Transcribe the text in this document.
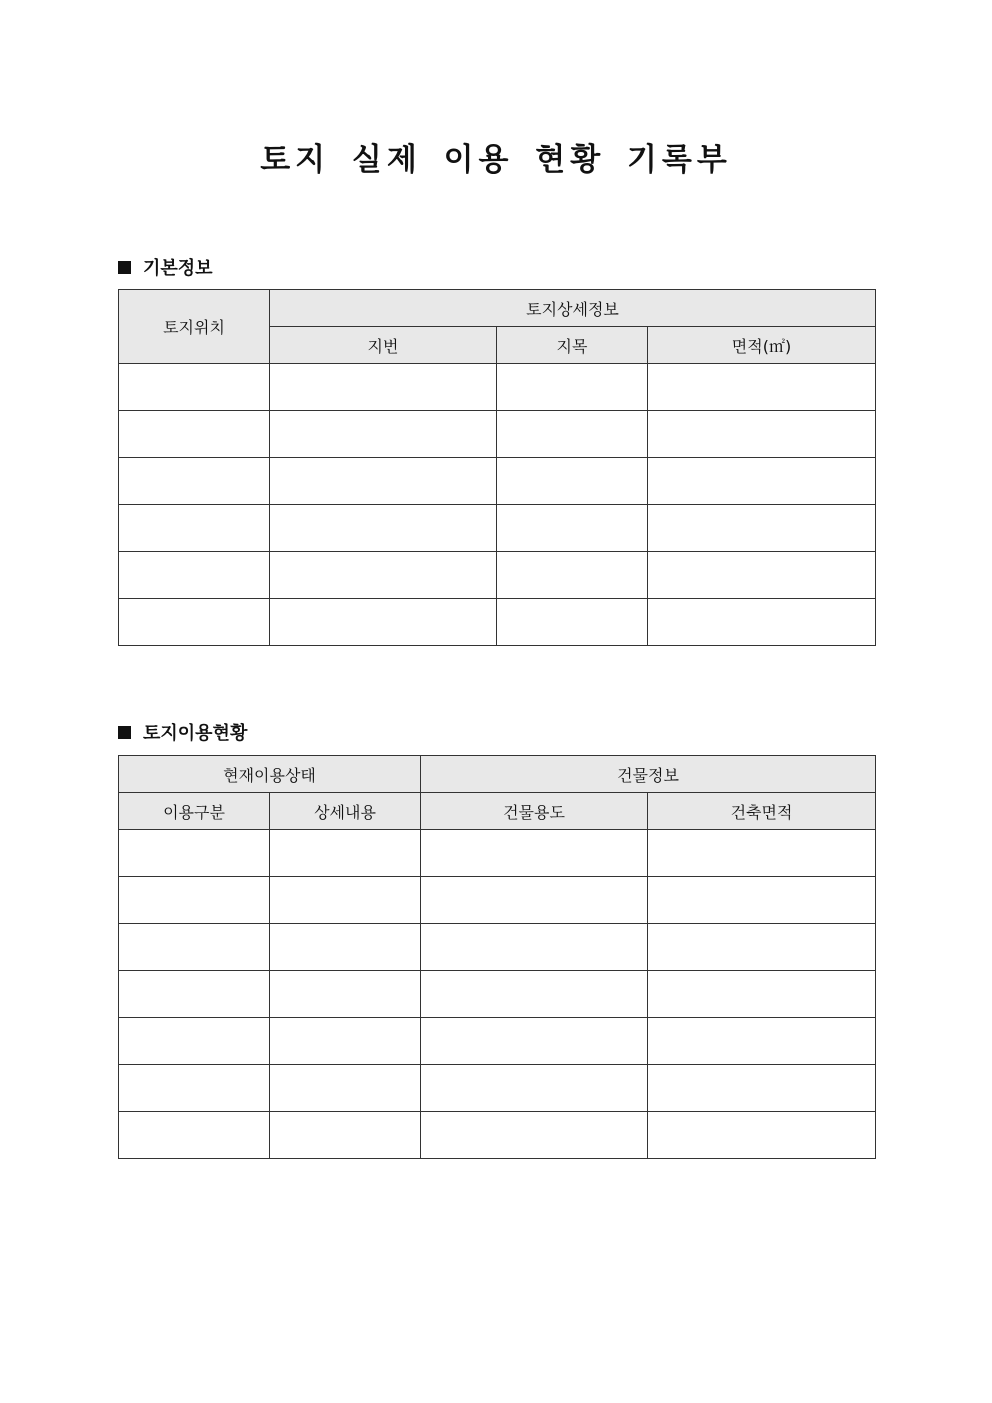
토지 실제 이용 현황 기록부
기본정보
토지위치	토지상세정보		
	지번	지목	면적(㎡)

토지이용현황
현재이용상태		건물정보	
이용구분	상세내용	건물용도	건축면적
